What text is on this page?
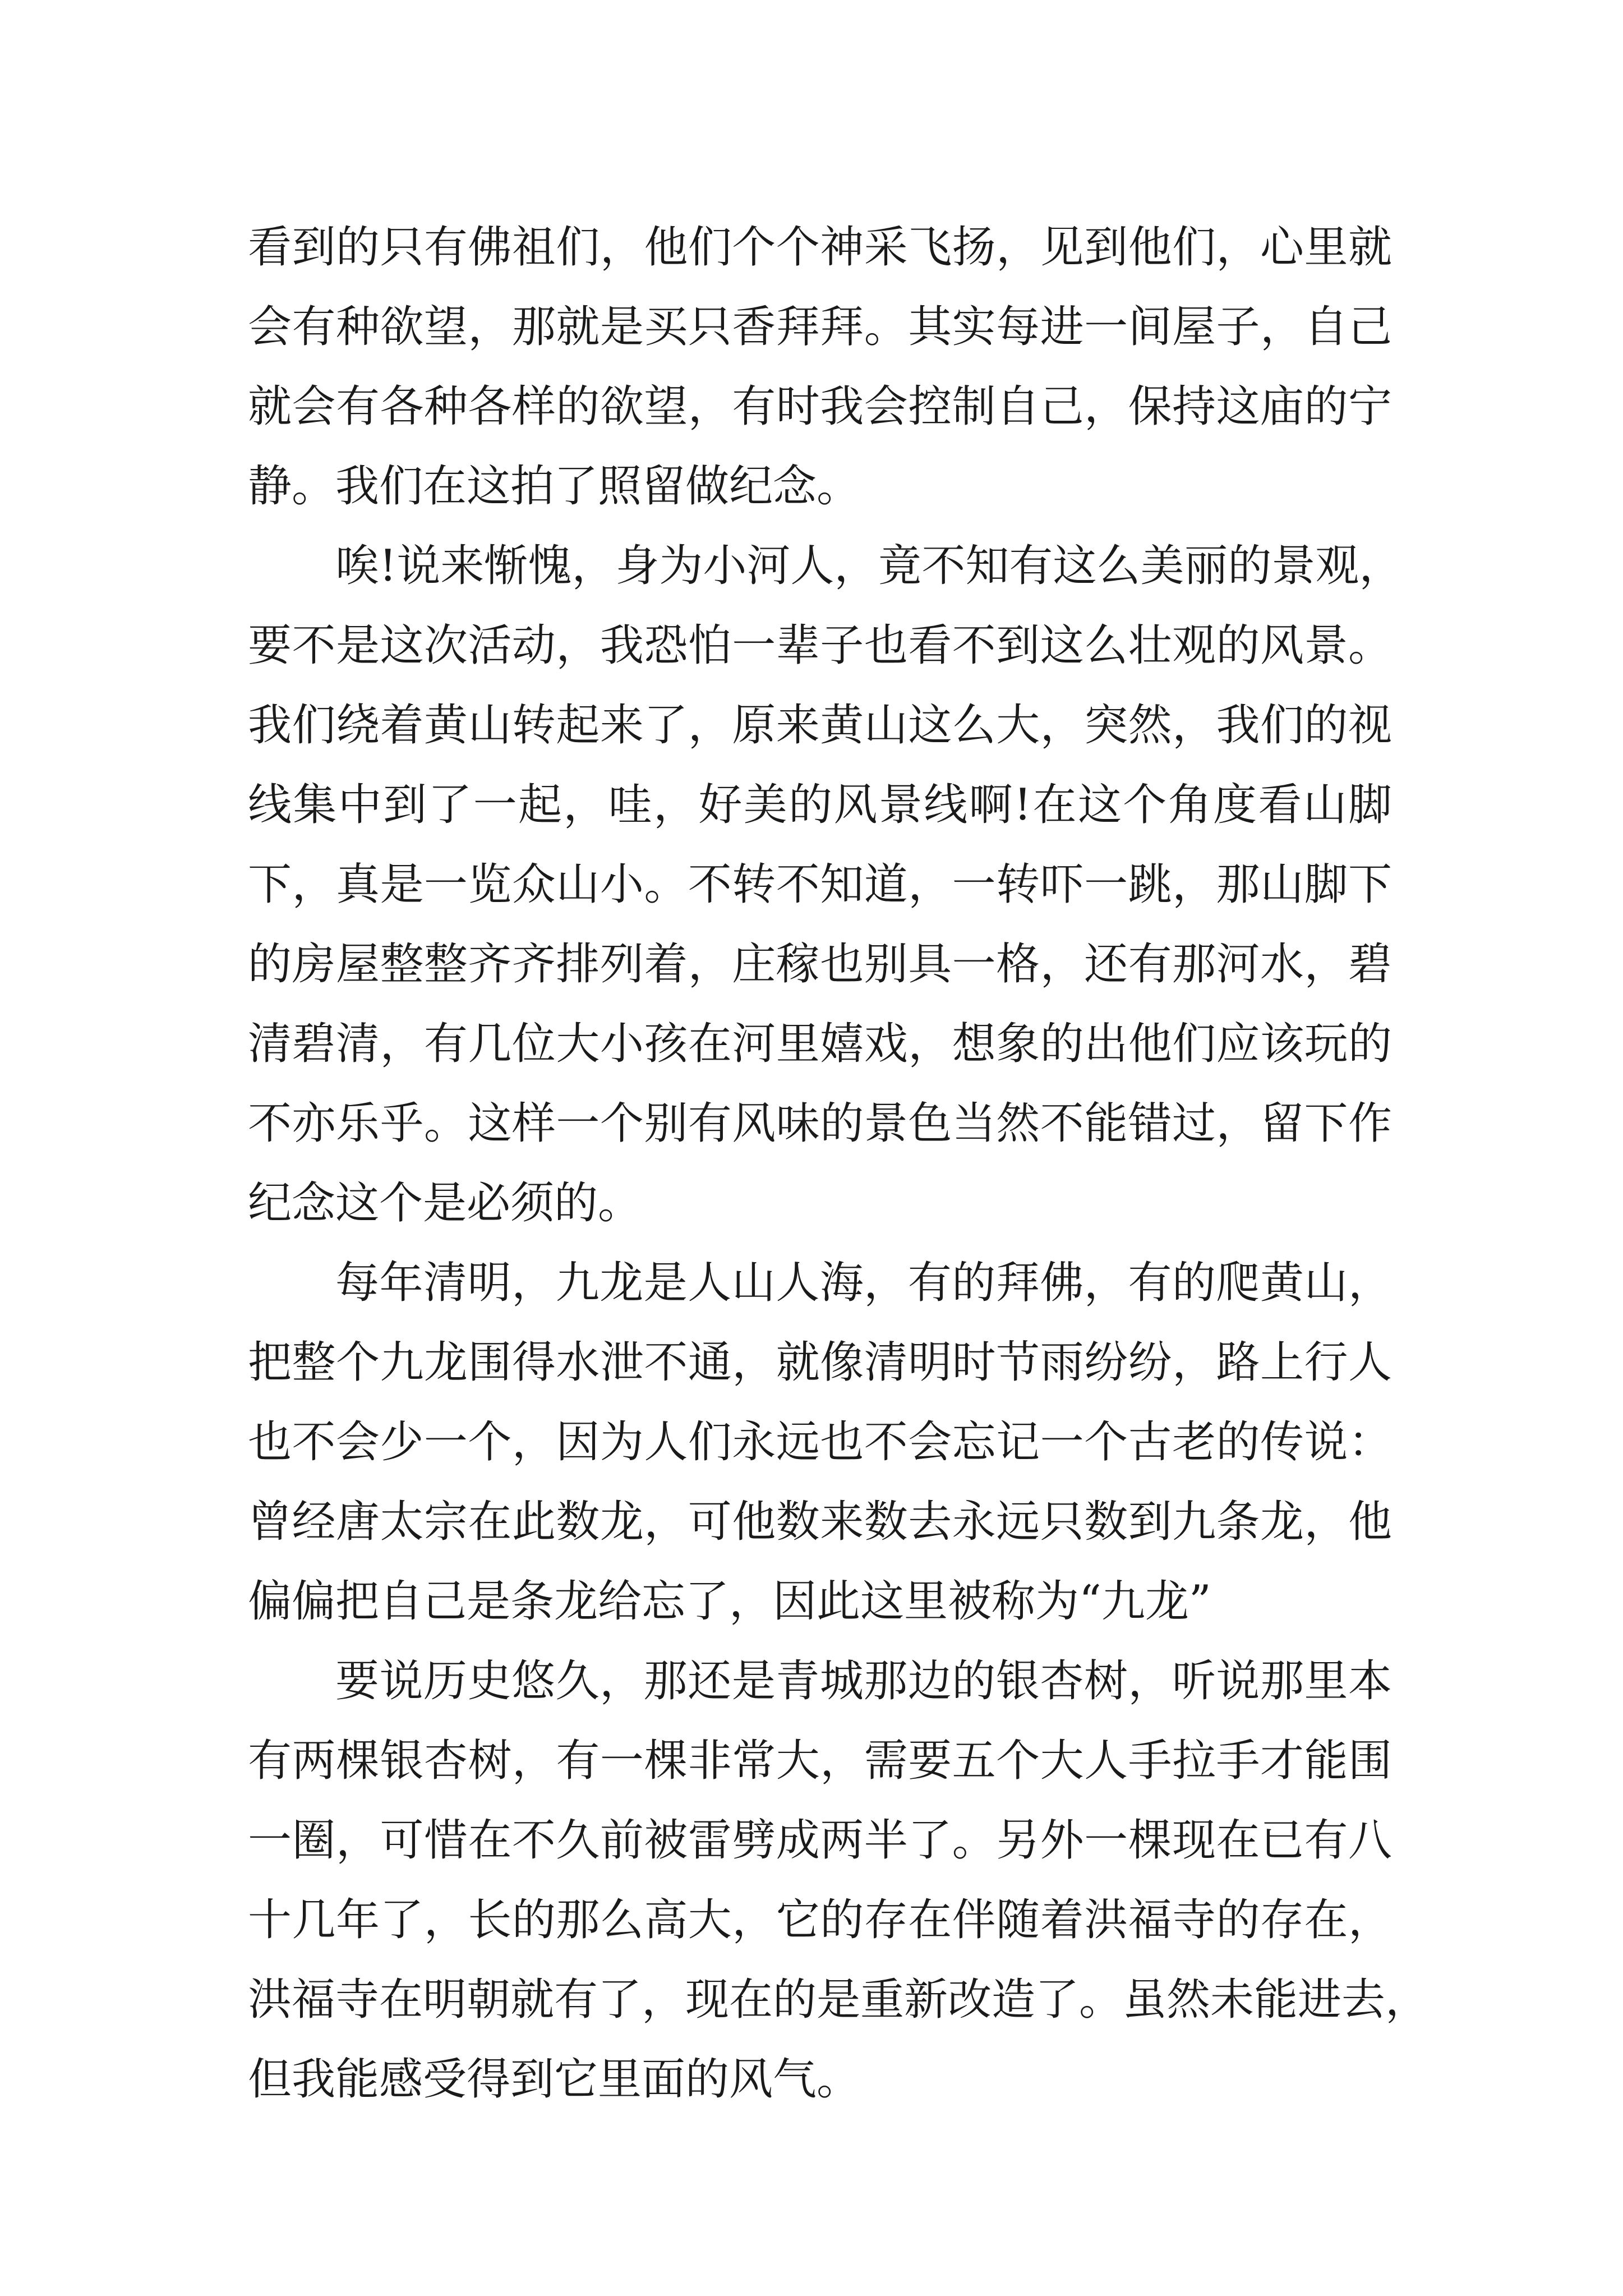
看到的只有佛祖们，他们个个神采飞扬，见到他们，心里就
会有种欲望，那就是买只香拜拜。其实每进一间屋子，自己
就会有各种各样的欲望，有时我会控制自己，保持这庙的宁
静。我们在这拍了照留做纪念。
唉!说来惭愧，身为小河人，竟不知有这么美丽的景观，
要不是这次活动，我恐怕一辈子也看不到这么壮观的风景。
我们绕着黄山转起来了，原来黄山这么大，突然，我们的视
线集中到了一起，哇，好美的风景线啊!在这个角度看山脚
下，真是一览众山小。不转不知道，一转吓一跳，那山脚下
的房屋整整齐齐排列着，庄稼也别具一格，还有那河水，碧
清碧清，有几位大小孩在河里嬉戏，想象的出他们应该玩的
不亦乐乎。这样一个别有风味的景色当然不能错过，留下作
纪念这个是必须的。
每年清明，九龙是人山人海，有的拜佛，有的爬黄山，
把整个九龙围得水泄不通，就像清明时节雨纷纷，路上行人
也不会少一个，因为人们永远也不会忘记一个古老的传说：
曾经唐太宗在此数龙，可他数来数去永远只数到九条龙，他
偏偏把自己是条龙给忘了，因此这里被称为“九龙”
要说历史悠久，那还是青城那边的银杏树，听说那里本
有两棵银杏树，有一棵非常大，需要五个大人手拉手才能围
一圈，可惜在不久前被雷劈成两半了。另外一棵现在已有八
十几年了，长的那么高大，它的存在伴随着洪福寺的存在，
洪福寺在明朝就有了，现在的是重新改造了。虽然未能进去，
但我能感受得到它里面的风气。
